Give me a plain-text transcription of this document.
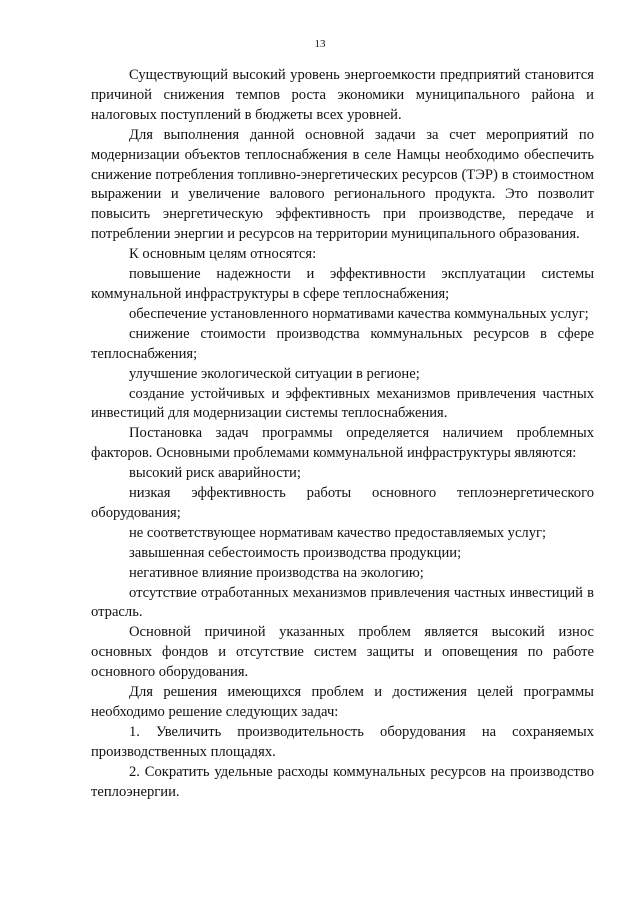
13

Существующий высокий уровень энергоемкости предприятий становится причиной снижения темпов роста экономики муниципального района и налоговых поступлений в бюджеты всех уровней.

Для выполнения данной основной задачи за счет мероприятий по модернизации объектов теплоснабжения в селе Намцы необходимо обеспечить снижение потребления топливно-энергетических ресурсов (ТЭР) в стоимостном выражении и увеличение валового регионального продукта. Это позволит повысить энергетическую эффективность при производстве, передаче и потреблении энергии и ресурсов на территории муниципального образования.

К основным целям относятся:

повышение надежности и эффективности эксплуатации системы коммунальной инфраструктуры в сфере теплоснабжения;

обеспечение установленного нормативами качества коммунальных услуг;

снижение стоимости производства коммунальных ресурсов в сфере теплоснабжения;

улучшение экологической ситуации в регионе;

создание устойчивых и эффективных механизмов привлечения частных инвестиций для модернизации системы теплоснабжения.

Постановка задач программы определяется наличием проблемных факторов. Основными проблемами коммунальной инфраструктуры являются:

высокий риск аварийности;

низкая эффективность работы основного теплоэнергетического оборудования;

не соответствующее нормативам качество предоставляемых услуг;

завышенная себестоимость производства продукции;

негативное влияние производства на экологию;

отсутствие отработанных механизмов привлечения частных инвестиций в отрасль.

Основной причиной указанных проблем является высокий износ основных фондов и отсутствие систем защиты и оповещения по работе основного оборудования.

Для решения имеющихся проблем и достижения целей программы необходимо решение следующих задач:

1. Увеличить производительность оборудования на сохраняемых производственных площадях.

2. Сократить удельные расходы коммунальных ресурсов на производство теплоэнергии.
